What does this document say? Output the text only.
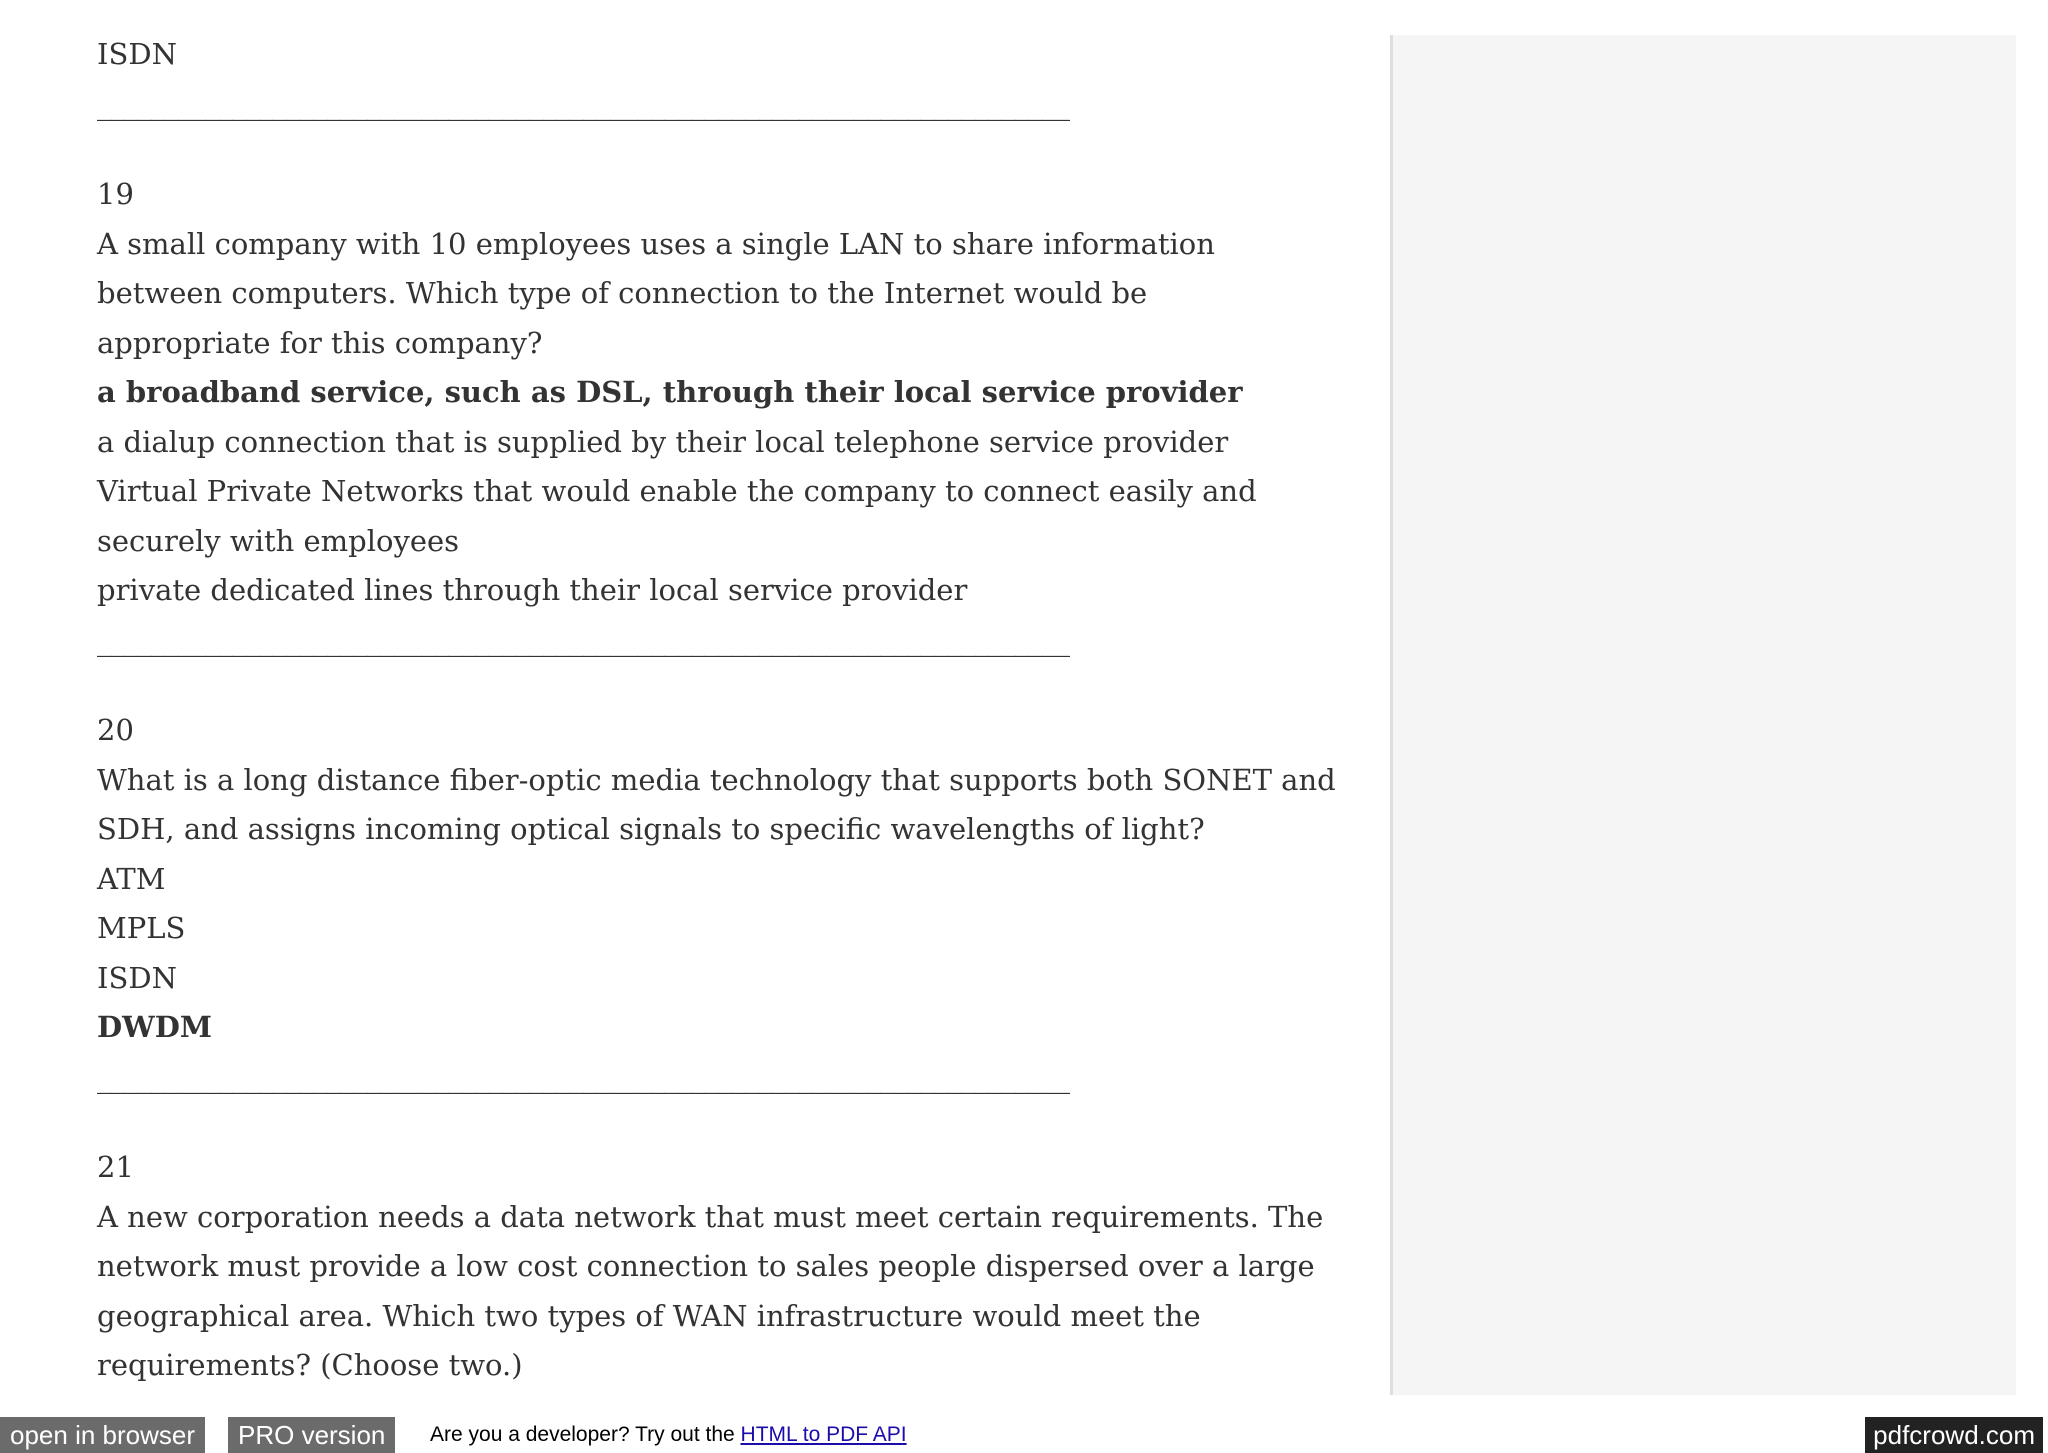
ISDN
________________________________________________________________________
19
A small company with 10 employees uses a single LAN to share information between computers. Which type of connection to the Internet would be appropriate for this company?
a broadband service, such as DSL, through their local service provider
a dialup connection that is supplied by their local telephone service provider
Virtual Private Networks that would enable the company to connect easily and securely with employees
private dedicated lines through their local service provider
________________________________________________________________________
20
What is a long distance fiber-optic media technology that supports both SONET and SDH, and assigns incoming optical signals to specific wavelengths of light?
ATM
MPLS
ISDN
DWDM
________________________________________________________________________
21
A new corporation needs a data network that must meet certain requirements. The network must provide a low cost connection to sales people dispersed over a large geographical area. Which two types of WAN infrastructure would meet the requirements? (Choose two.)
open in browser	PRO version	Are you a developer? Try out the HTML to PDF API	pdfcrowd.com
